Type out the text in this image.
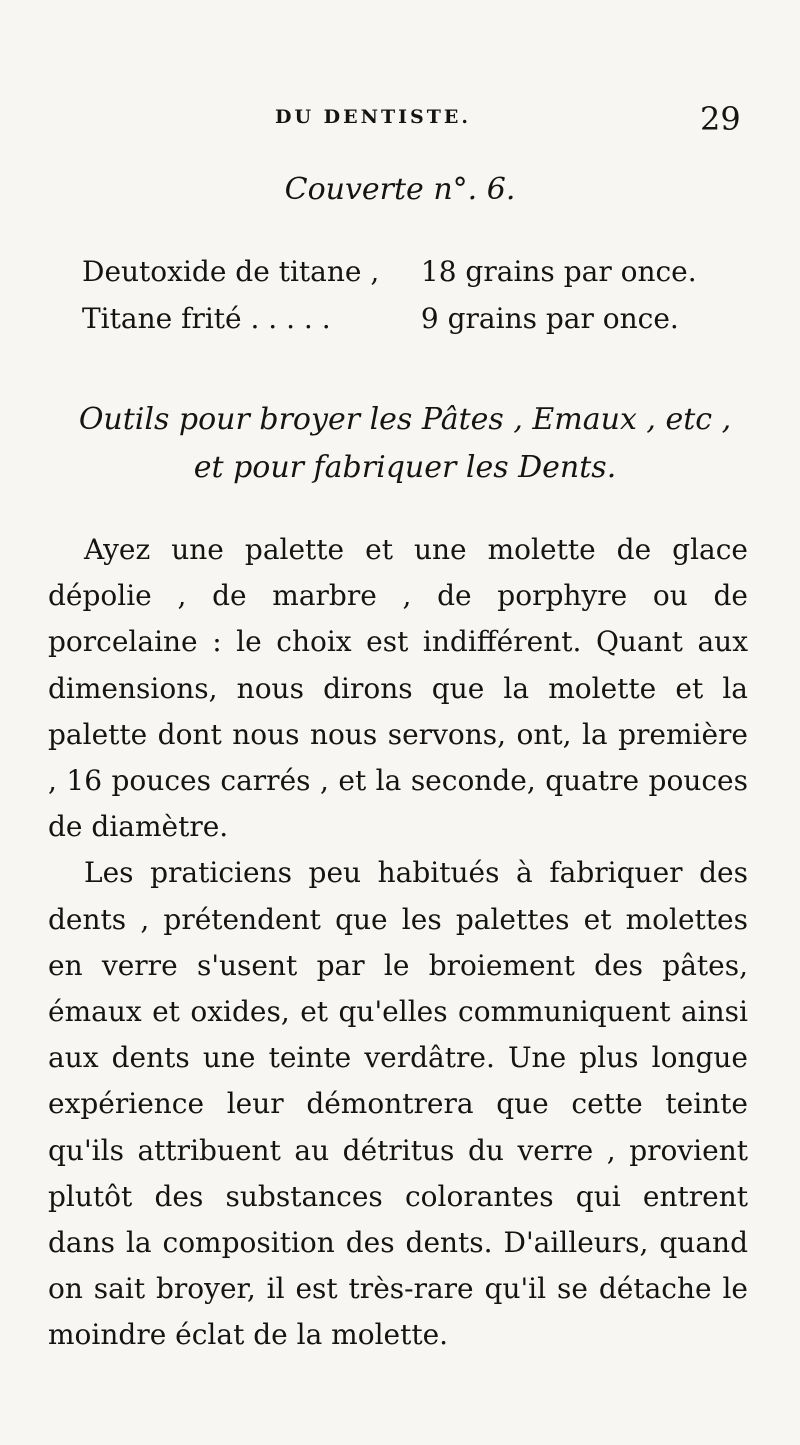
DU DENTISTE.	29
Couverte n°. 6.
Deutoxide de titane , 18 grains par once.
Titane frité . . . . .	9 grains par once.
Outils pour broyer les Pâtes , Emaux , etc ,
et pour fabriquer les Dents.

Ayez une palette et une molette de glace dépolie , de marbre , de porphyre ou de porcelaine : le choix est indifférent. Quant aux dimensions, nous dirons que la molette et la palette dont nous nous servons, ont, la première , 16 pouces carrés , et la seconde, quatre pouces de diamètre.

Les praticiens peu habitués à fabriquer des dents , prétendent que les palettes et molettes en verre s'usent par le broiement des pâtes, émaux et oxides, et qu'elles communiquent ainsi aux dents une teinte verdâtre. Une plus longue expérience leur démontrera que cette teinte qu'ils attribuent au détritus du verre , provient plutôt des substances colorantes qui entrent dans la composition des dents. D'ailleurs, quand on sait broyer, il est très-rare qu'il se détache le moindre éclat de la molette.
